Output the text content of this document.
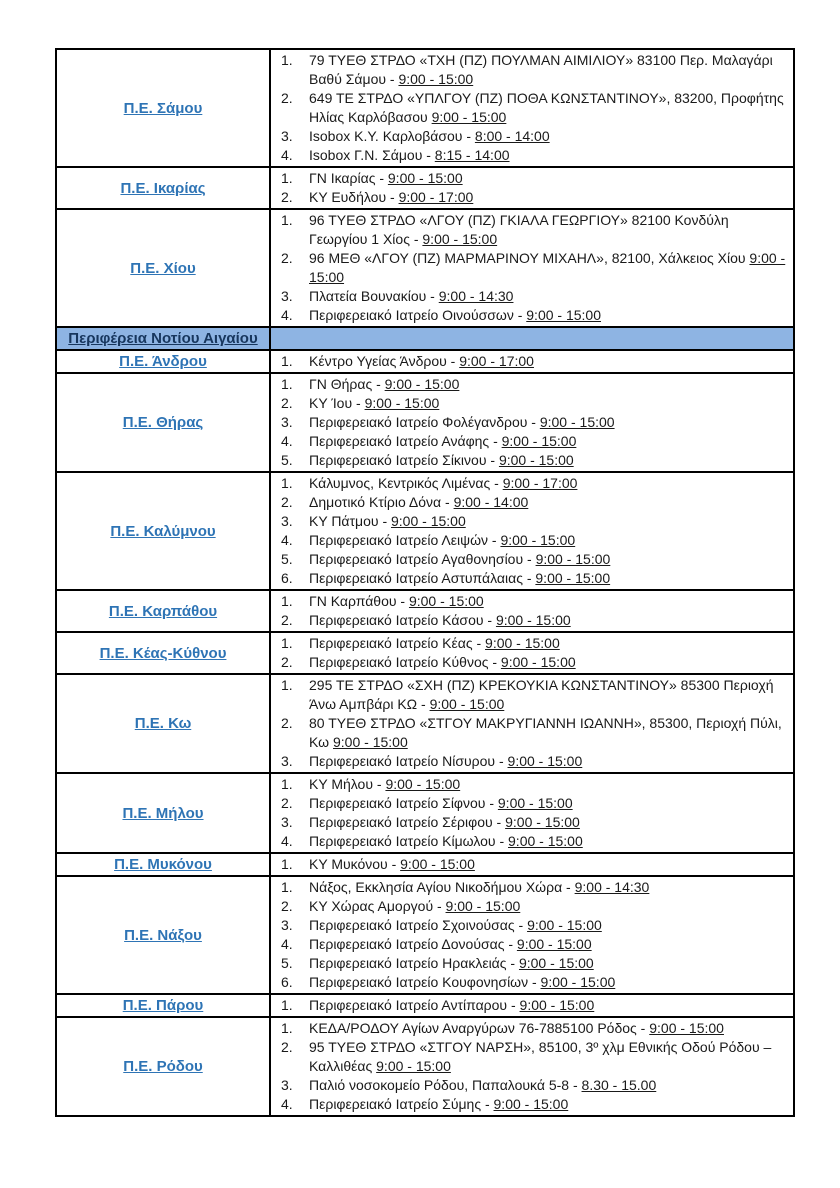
Π.Ε. Σάμου	
1. 79 ΤΥΕΘ ΣΤΡΔΟ «ΤΧΗ (ΠΖ) ΠΟΥΛΜΑΝ ΑΙΜΙΛΙΟΥ» 83100 Περ. Μαλαγάρι Βαθύ Σάμου - 9:00 - 15:00
2. 649 ΤΕ ΣΤΡΔΟ «ΥΠΛΓΟΥ (ΠΖ) ΠΟΘΑ ΚΩΝΣΤΑΝΤΙΝΟΥ», 83200, Προφήτης Ηλίας Καρλόβασου 9:00 - 15:00
3. Isobox Κ.Υ. Καρλοβάσου - 8:00 - 14:00
4. Isobox Γ.Ν. Σάμου - 8:15 - 14:00

Π.Ε. Ικαρίας	
1. ΓΝ Ικαρίας - 9:00 - 15:00
2. ΚΥ Ευδήλου - 9:00 - 17:00

Π.Ε. Χίου	
1. 96 ΤΥΕΘ ΣΤΡΔΟ «ΛΓΟΥ (ΠΖ) ΓΚΙΑΛΑ ΓΕΩΡΓΙΟΥ» 82100 Κονδύλη Γεωργίου 1 Χίος - 9:00 - 15:00
2. 96 ΜΕΘ «ΛΓΟΥ (ΠΖ) ΜΑΡΜΑΡΙΝΟΥ ΜΙΧΑΗΛ», 82100, Χάλκειος Χίου 9:00 - 15:00
3. Πλατεία Βουνακίου - 9:00 - 14:30
4. Περιφερειακό Ιατρείο Οινούσσων - 9:00 - 15:00

Περιφέρεια Νοτίου Αιγαίου	
Π.Ε. Άνδρου	1. Κέντρο Υγείας Άνδρου - 9:00 - 17:00

Π.Ε. Θήρας	
1. ΓΝ Θήρας - 9:00 - 15:00
2. ΚΥ Ίου - 9:00 - 15:00
3. Περιφερειακό Ιατρείο Φολέγανδρου - 9:00 - 15:00
4. Περιφερειακό Ιατρείο Ανάφης - 9:00 - 15:00
5. Περιφερειακό Ιατρείο Σίκινου - 9:00 - 15:00

Π.Ε. Καλύμνου	
1. Κάλυμνος, Κεντρικός Λιμένας - 9:00 - 17:00
2. Δημοτικό Κτίριο Δόνα - 9:00 - 14:00
3. ΚΥ Πάτμου - 9:00 - 15:00
4. Περιφερειακό Ιατρείο Λειψών - 9:00 - 15:00
5. Περιφερειακό Ιατρείο Αγαθονησίου - 9:00 - 15:00
6. Περιφερειακό Ιατρείο Αστυπάλαιας - 9:00 - 15:00

Π.Ε. Καρπάθου	
1. ΓΝ Καρπάθου - 9:00 - 15:00
2. Περιφερειακό Ιατρείο Κάσου - 9:00 - 15:00

Π.Ε. Κέας-Κύθνου	
1. Περιφερειακό Ιατρείο Κέας - 9:00 - 15:00
2. Περιφερειακό Ιατρείο Κύθνος - 9:00 - 15:00

Π.Ε. Κω	
1. 295 ΤΕ ΣΤΡΔΟ «ΣΧΗ (ΠΖ) ΚΡΕΚΟΥΚΙΑ ΚΩΝΣΤΑΝΤΙΝΟΥ» 85300 Περιοχή Άνω Αμπβάρι ΚΩ - 9:00 - 15:00
2. 80 ΤΥΕΘ ΣΤΡΔΟ «ΣΤΓΟΥ ΜΑΚΡΥΓΙΑΝΝΗ ΙΩΑΝΝΗ», 85300, Περιοχή Πύλι, Κω 9:00 - 15:00
3. Περιφερειακό Ιατρείο Νίσυρου - 9:00 - 15:00

Π.Ε. Μήλου	
1. ΚΥ Μήλου - 9:00 - 15:00
2. Περιφερειακό Ιατρείο Σίφνου - 9:00 - 15:00
3. Περιφερειακό Ιατρείο Σέριφου - 9:00 - 15:00
4. Περιφερειακό Ιατρείο Κίμωλου - 9:00 - 15:00

Π.Ε. Μυκόνου	1. ΚΥ Μυκόνου - 9:00 - 15:00

Π.Ε. Νάξου	
1. Νάξος, Εκκλησία Αγίου Νικοδήμου Χώρα - 9:00 - 14:30
2. ΚΥ Χώρας Αμοργού - 9:00 - 15:00
3. Περιφερειακό Ιατρείο Σχοινούσας - 9:00 - 15:00
4. Περιφερειακό Ιατρείο Δονούσας - 9:00 - 15:00
5. Περιφερειακό Ιατρείο Ηρακλειάς - 9:00 - 15:00
6. Περιφερειακό Ιατρείο Κουφονησίων - 9:00 - 15:00

Π.Ε. Πάρου	1. Περιφερειακό Ιατρείο Αντίπαρου - 9:00 - 15:00

Π.Ε. Ρόδου	
1. ΚΕΔΑ/ΡΟΔΟΥ Αγίων Αναργύρων 76-7885100 Ρόδος - 9:00 - 15:00
2. 95 ΤΥΕΘ ΣΤΡΔΟ «ΣΤΓΟΥ ΝΑΡΣΗ», 85100, 3º χλμ Εθνικής Οδού Ρόδου – Καλλιθέας 9:00 - 15:00
3. Παλιό νοσοκομείο Ρόδου, Παπαλουκά 5-8 - 8.30 - 15.00
4. Περιφερειακό Ιατρείο Σύμης - 9:00 - 15:00
